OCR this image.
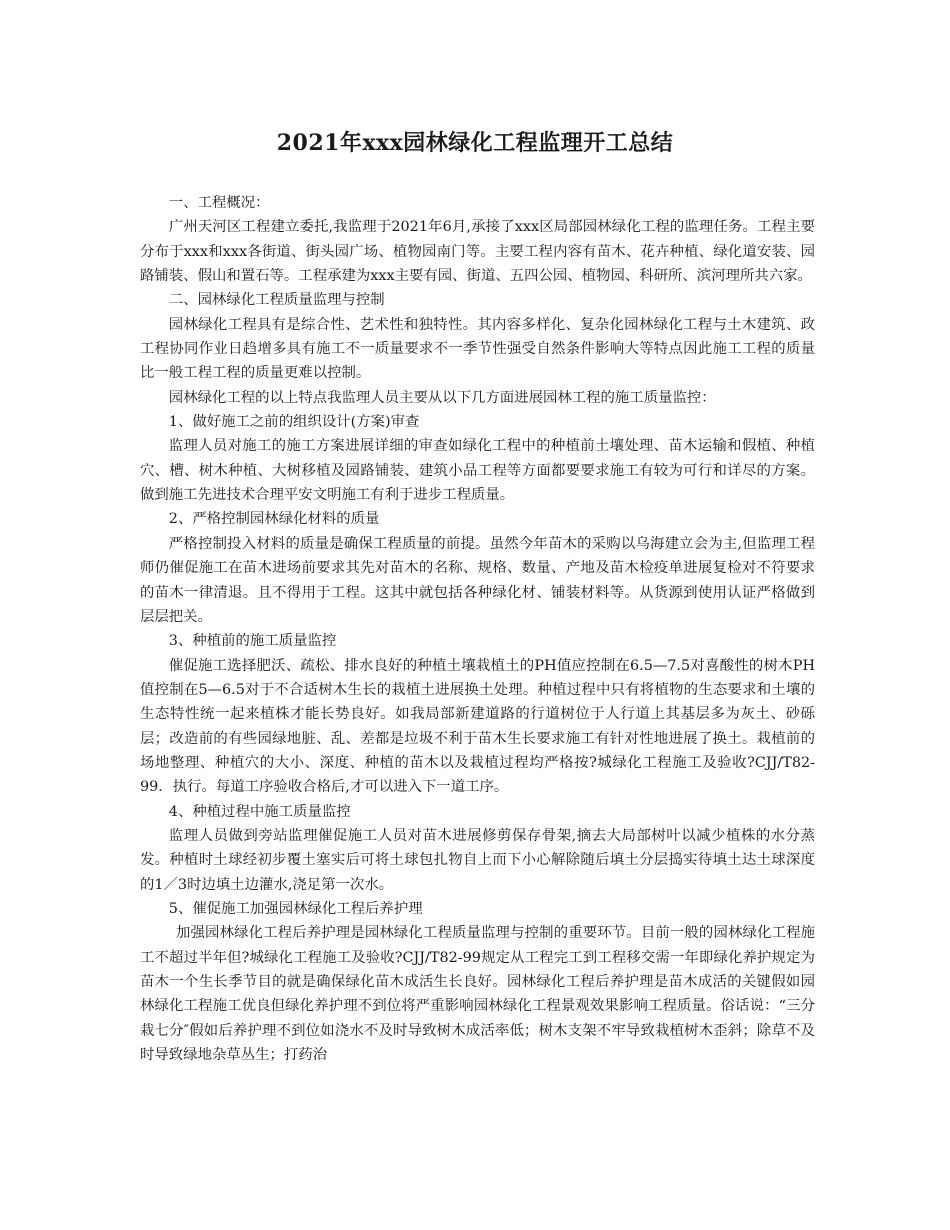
2021年xxx园林绿化工程监理开工总结

一、工程概况：

广州天河区工程建立委托,我监理于2021年6月,承接了xxx区局部园林绿化工程的监理任务。工程主要分布于xxx和xxx各街道、街头园广场、植物园南门等。主要工程内容有苗木、花卉种植、绿化道安装、园路铺装、假山和置石等。工程承建为xxx主要有园、街道、五四公园、植物园、科研所、滨河理所共六家。

二、园林绿化工程质量监理与控制

园林绿化工程具有是综合性、艺术性和独特性。其内容多样化、复杂化园林绿化工程与土木建筑、政工程协同作业日趋增多具有施工不一质量要求不一季节性强受自然条件影响大等特点因此施工工程的质量比一般工程工程的质量更难以控制。

园林绿化工程的以上特点我监理人员主要从以下几方面进展园林工程的施工质量监控：

1、做好施工之前的组织设计(方案)审查

监理人员对施工的施工方案进展详细的审查如绿化工程中的种植前土壤处理、苗木运输和假植、种植穴、槽、树木种植、大树移植及园路铺装、建筑小品工程等方面都要要求施工有较为可行和详尽的方案。做到施工先进技术合理平安文明施工有利于进步工程质量。

2、严格控制园林绿化材料的质量

严格控制投入材料的质量是确保工程质量的前提。虽然今年苗木的采购以乌海建立会为主,但监理工程师仍催促施工在苗木进场前要求其先对苗木的名称、规格、数量、产地及苗木检疫单进展复检对不符要求的苗木一律清退。且不得用于工程。这其中就包括各种绿化材、铺装材料等。从货源到使用认证严格做到层层把关。

3、种植前的施工质量监控

催促施工选择肥沃、疏松、排水良好的种植土壤栽植土的PH值应控制在6.5—7.5对喜酸性的树木PH值控制在5—6.5对于不合适树木生长的栽植土进展换土处理。种植过程中只有将植物的生态要求和土壤的生态特性统一起来植株才能长势良好。如我局部新建道路的行道树位于人行道上其基层多为灰土、砂砾层；改造前的有些园绿地脏、乱、差都是垃圾不利于苗木生长要求施工有针对性地进展了换土。栽植前的场地整理、种植穴的大小、深度、种植的苗木以及栽植过程均严格按?城绿化工程施工及验收?CJJ/T82-99．执行。每道工序验收合格后,才可以进入下一道工序。

4、种植过程中施工质量监控

监理人员做到旁站监理催促施工人员对苗木进展修剪保存骨架,摘去大局部树叶以减少植株的水分蒸发。种植时土球经初步覆土塞实后可将土球包扎物自上而下小心解除随后填土分层捣实待填土达土球深度的1／3时边填土边灌水,浇足第一次水。

5、催促施工加强园林绿化工程后养护理

加强园林绿化工程后养护理是园林绿化工程质量监理与控制的重要环节。目前一般的园林绿化工程施工不超过半年但?城绿化工程施工及验收?CJJ/T82-99规定从工程完工到工程移交需一年即绿化养护规定为苗木一个生长季节目的就是确保绿化苗木成活生长良好。园林绿化工程后养护理是苗木成活的关键假如园林绿化工程施工优良但绿化养护理不到位将严重影响园林绿化工程景观效果影响工程质量。俗话说：“三分栽七分″假如后养护理不到位如浇水不及时导致树木成活率低；树木支架不牢导致栽植树木歪斜；除草不及时导致绿地杂草丛生；打药治
